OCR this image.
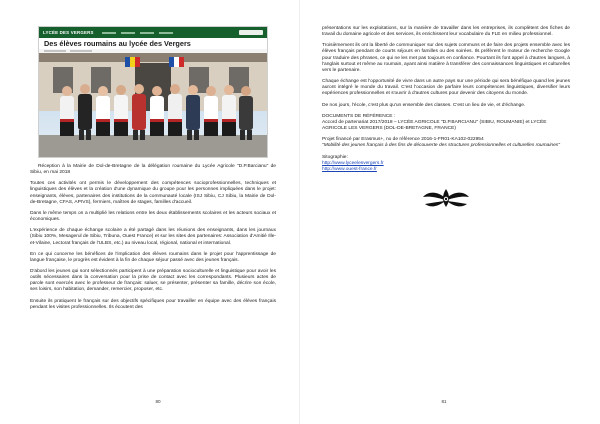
LYCÉE DES VERGERS
Des élèves roumains au lycée des Vergers

Réception à la Mairie de Dol-de-Bretagne de la délégation roumaine du Lycée Agricole "D.P.Barcianu" de Sibiu, en mai 2018

Toutes ces activités ont permis le développement des compétences socioprofessionnelles, techniques et linguistiques des élèves et la création d'une dynamique du groupe pour les personnes impliquées dans le projet: enseignants, élèves, partenaires des institutions de la communauté locale (ISJ Sibiu, CJ Sibiu, la Mairie de Dol-de-Bretagne, CFAS, APIVS), fermiers, maîtres de stages, familles d'accueil.

Dans le même temps on a multiplié les relations entre les deux établissements scolaires et les acteurs sociaux et économiques.

L'expérience de chaque échange scolaire a été partagé dans les réunions des enseignants, dans les journaux (Sibiu 100%, Mesagerul de Sibiu, Tribuna, Ouest France) et sur les sites des partenaires: Association d'Amitié Ille-et-Vilaine, Lectorat français de l'ULBS, etc.) au niveau local, régional, national et international.

En ce qui concerne les bénéfices de l'implication des élèves roumains dans le projet pour l'apprentissage de langue française, le progrès est évident à la fin de chaque séjour passé avec des jeunes français.

D'abord les jeunes qui sont sélectionnés participent à une préparation socioculturelle et linguistique pour avoir les outils nécessaires dans la conversation pour la prise de contact avec les correspondants. Plusieurs actes de parole sont exercés avec le professeur de français: saluer, se présenter, présenter sa famille, décrire son école, ses loisirs, son habitation, demander, remercier, proposer, etc.

Ensuite ils pratiquent le français sur des objectifs spécifiques pour travailler en équipe avec des élèves français pendant les visites professionnelles. Ils écoutent des

80

présentations sur les exploitations, sur la manière de travailler dans les entreprises, ils complètent des fiches de travail du domaine agricole et des services, ils enrichissent leur vocabulaire du FLE en milieu professionnel.

Troisièmement ils ont la liberté de communiquer sur des sujets communs et de faire des projets ensemble avec les élèves français pendant de courts séjours en familles ou des soirées. Ils préfèrent le moteur de recherche Google pour traduire des phrases, ce qui ne les met pas toujours en confiance. Pourtant ils font appel à d'autres langues, à l'anglais surtout et même au roumain, ayant ainsi matière à transférer des connaissances linguistiques et culturelles vers le partenaire.

Chaque échange est l'opportunité de vivre dans un autre pays sur une période qui sera bénéfique quand les jeunes auront intégré le monde du travail. C'est l'occasion de parfaire leurs compétences linguistiques, diversifier leurs expériences professionnelles et s'ouvrir à d'autres cultures pour devenir des citoyens du monde.

De nos jours, l'école, c'est plus qu'un ensemble des classes. C'est un lieu de vie, et d'échange.

DOCUMENTS DE RÉFÉRENCE :

Accord de partenariat 2017/2018 – LYCÉE AGRICOLE "D.P.BARCIANU" (SIBIU, ROUMANIE) et LYCÉE AGRICOLE LES VERGERS (DOL-DE-BRETAGNE, FRANCE)

Projet financé par Erasmus+, no de référence 2016-1-FR01-KA102-022954

"Mobilité des jeunes français à des fins de découverte des structures professionnelles et culturelles roumaines"

Sitographie:

http://www.lyceelesvergers.fr
http://www.ouest-france.fr
81
